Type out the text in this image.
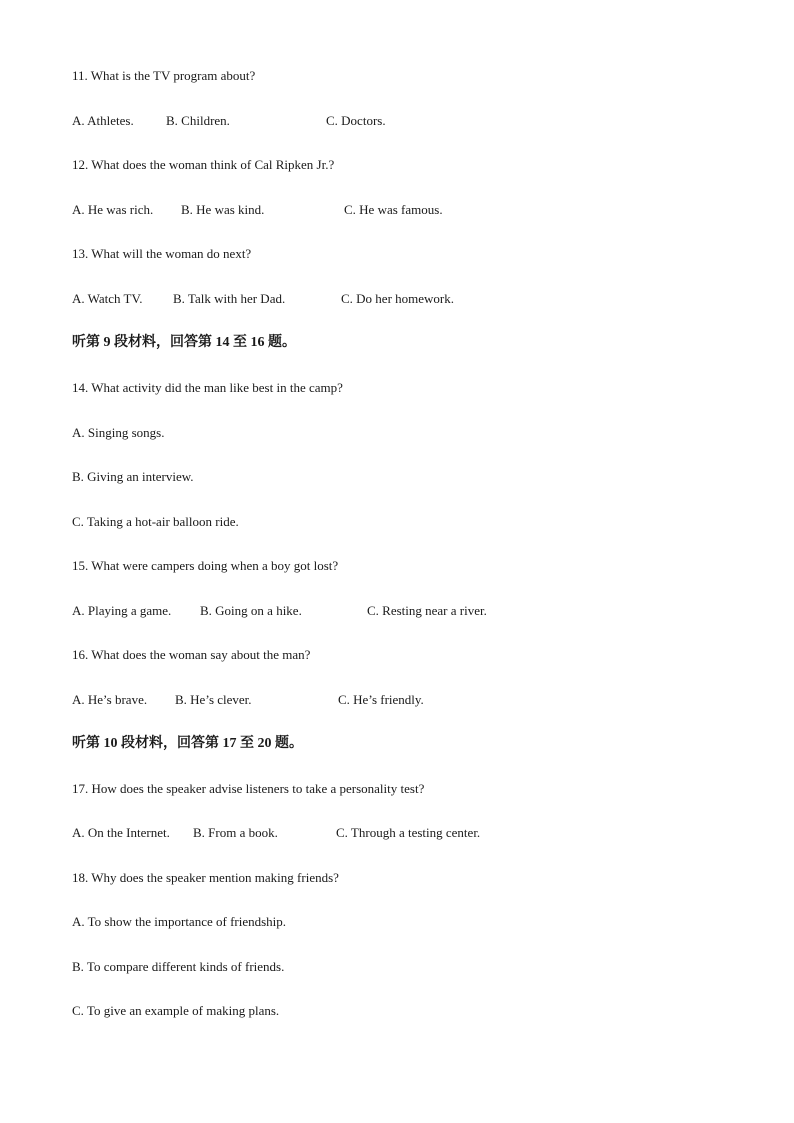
11. What is the TV program about?
A. Athletes. B. Children.	C. Doctors.
12. What does the woman think of Cal Ripken Jr.?
A. He was rich. B. He was kind.	C. He was famous.
13. What will the woman do next?
A. Watch TV. B. Talk with her Dad.	C. Do her homework.
听第 9 段材料，回答第 14 至 16 题。
14. What activity did the man like best in the camp?
A. Singing songs.
B. Giving an interview.
C. Taking a hot-air balloon ride.
15. What were campers doing when a boy got lost?
A. Playing a game. B. Going on a hike.	C. Resting near a river.
16. What does the woman say about the man?
A. He’s brave. B. He’s clever.	C. He’s friendly.
听第 10 段材料，回答第 17 至 20 题。
17. How does the speaker advise listeners to take a personality test?
A. On the Internet. B. From a book.	C. Through a testing center.
18. Why does the speaker mention making friends?
A. To show the importance of friendship.
B. To compare different kinds of friends.
C. To give an example of making plans.
